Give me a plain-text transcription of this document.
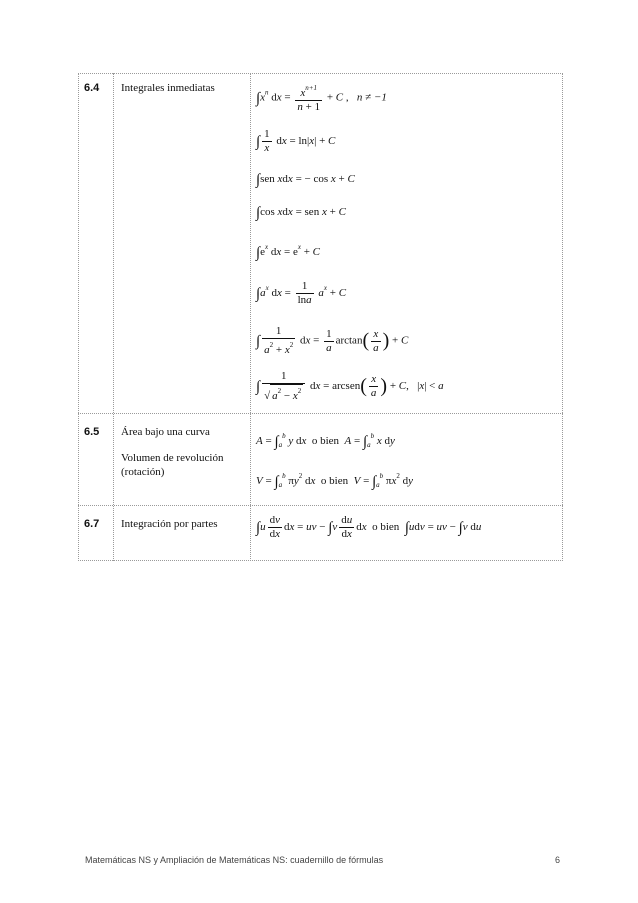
6.4 Integrales inmediatas
$\int x^n$ dx = $\frac{x^{n+1}}{n + 1} + C$ ,   n ≠ −1
∫ $\frac{1}{x}$ dx = ln|x| + C
∫sen xdx = − cos x + C
∫cos xdx = sen x + C
$\int e^x$ dx = $e^x + C$
$\int a^x$ dx = $\frac{1}{\ln a} a^x + C$
∫ $\frac{1}{a^2 + x^2}$ dx = $\frac{1}{a} \arctan( \frac{x}{a}$ ) + C
∫ $\frac{1}{√ a^2 - x^2}$ dx = arcsen( $\frac{x}{a}$ ) + C,   |x| < a
6.5 Área bajo una curva
Volumen de revolución
(rotación)
$A = \int_a^b$ y dx o bien $A = \int_a^b$ x dy
$V = \int_a^b$ $\pi y^2$ dx o bien $V = \int_a^b$ $\pi x^2$ dy
6.7 Integración por partes	$\int u \frac{dv}{dx}$ dx = uv − $\int v \frac{du}{dx}$ dx o bien ∫udv = uv − ∫v du
Matemáticas NS y Ampliación de Matemáticas NS: cuadernillo de fórmulas	6
